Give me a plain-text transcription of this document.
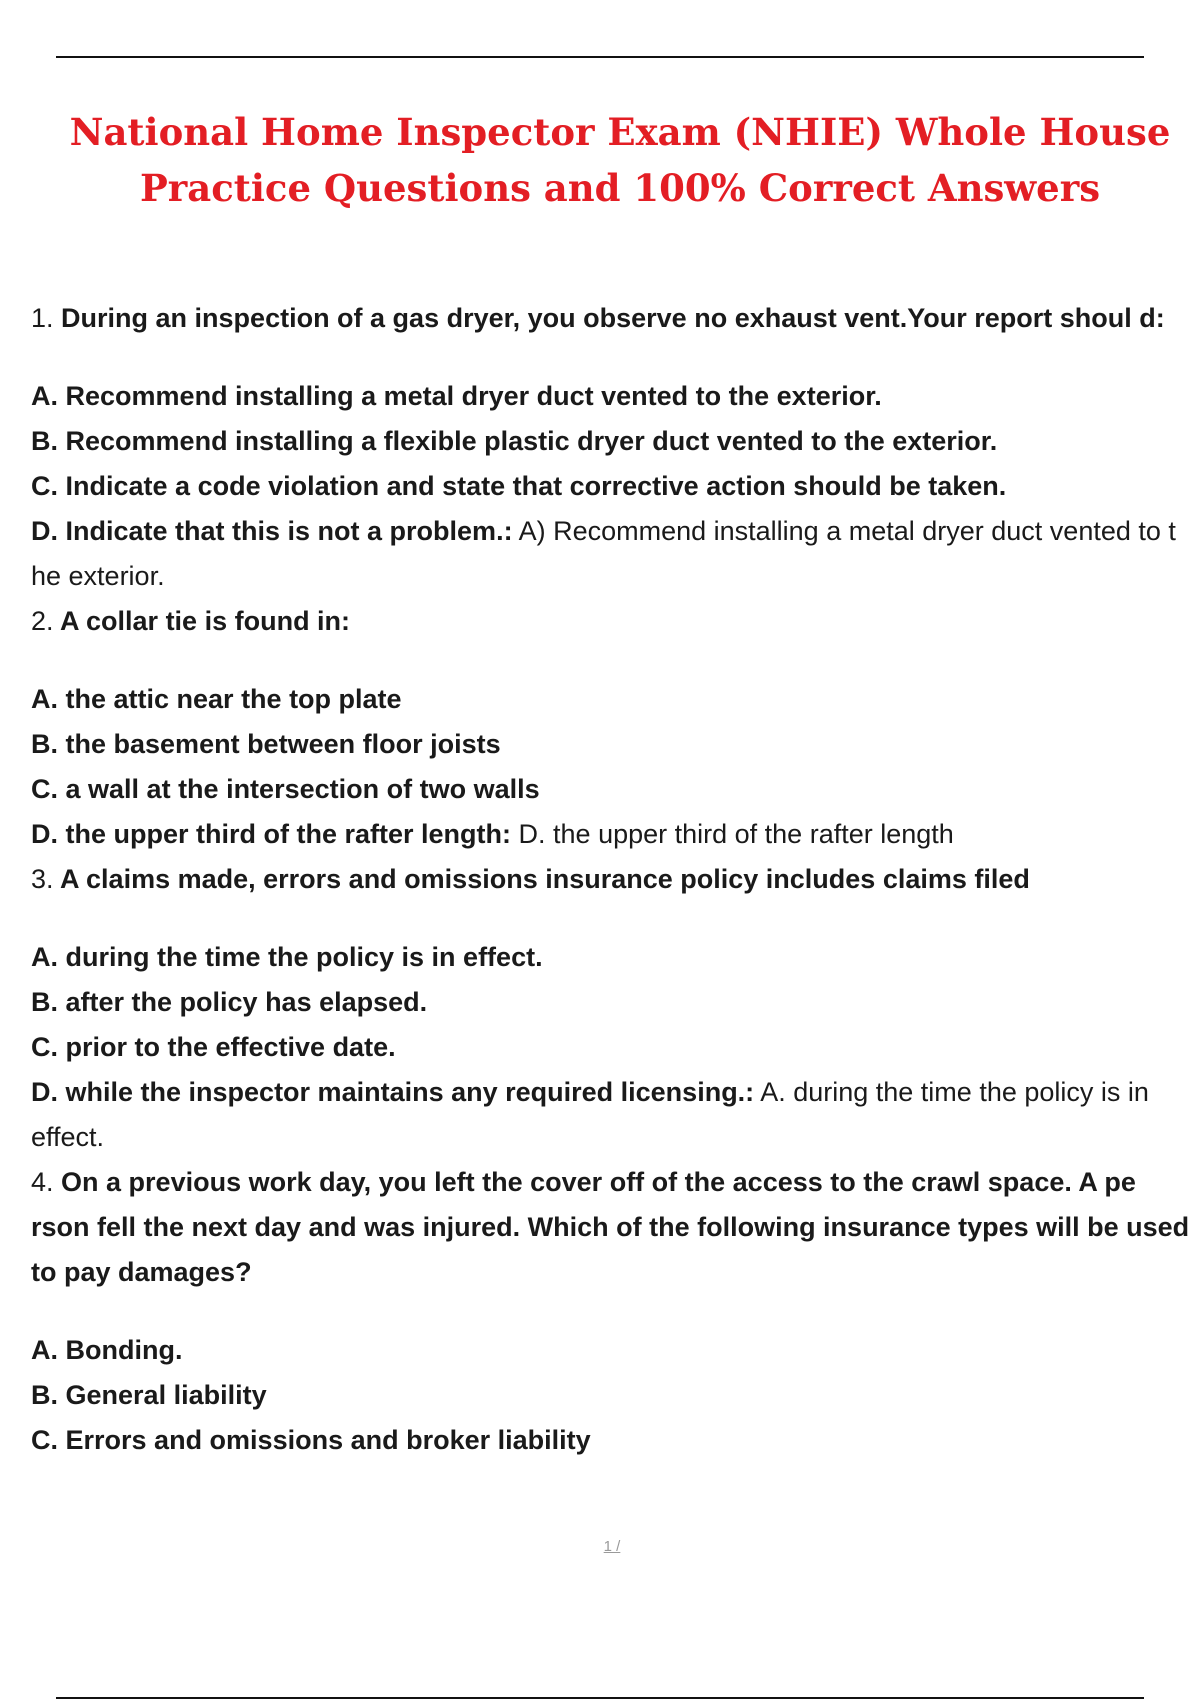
National Home Inspector Exam (NHIE) Whole House Practice Questions and 100% Correct Answers

1. During an inspection of a gas dryer, you observe no exhaust vent.Your report shoul d:

A. Recommend installing a metal dryer duct vented to the exterior.

B. Recommend installing a flexible plastic dryer duct vented to the exterior.

C. Indicate a code violation and state that corrective action should be taken.

D. Indicate that this is not a problem.: A) Recommend installing a metal dryer duct vented to t he exterior.

2. A collar tie is found in:

A. the attic near the top plate

B. the basement between floor joists

C. a wall at the intersection of two walls

D. the upper third of the rafter length: D. the upper third of the rafter length

3. A claims made, errors and omissions insurance policy includes claims filed

A. during the time the policy is in effect.

B. after the policy has elapsed.

C. prior to the effective date.

D. while the inspector maintains any required licensing.: A. during the time the policy is in effect.

4. On a previous work day, you left the cover off of the access to the crawl space. A pe rson fell the next day and was injured. Which of the following insurance types will be used to pay damages?

A. Bonding.

B. General liability

C. Errors and omissions and broker liability

1 /
